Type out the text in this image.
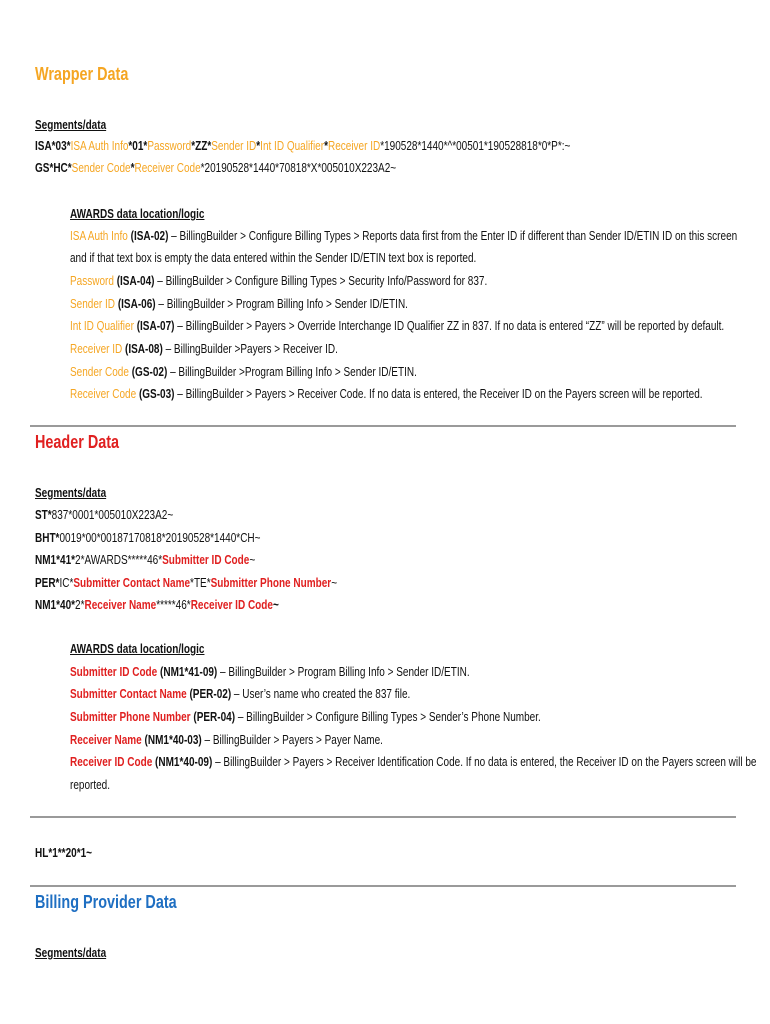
Wrapper Data
Segments/data
ISA*03*ISA Auth Info*01*Password*ZZ*Sender ID*Int ID Qualifier*Receiver ID*190528*1440*^*00501*190528818*0*P*:~
GS*HC*Sender Code*Receiver Code*20190528*1440*70818*X*005010X223A2~
AWARDS data location/logic
ISA Auth Info (ISA-02) – BillingBuilder > Configure Billing Types > Reports data first from the Enter ID if different than Sender ID/ETIN ID on this screen
and if that text box is empty the data entered within the Sender ID/ETIN text box is reported.
Password (ISA-04) – BillingBuilder > Configure Billing Types > Security Info/Password for 837.
Sender ID (ISA-06) – BillingBuilder > Program Billing Info > Sender ID/ETIN.
Int ID Qualifier (ISA-07) – BillingBuilder > Payers > Override Interchange ID Qualifier ZZ in 837. If no data is entered “ZZ” will be reported by default.
Receiver ID (ISA-08) – BillingBuilder >Payers > Receiver ID.
Sender Code (GS-02) – BillingBuilder >Program Billing Info > Sender ID/ETIN.
Receiver Code (GS-03) – BillingBuilder > Payers > Receiver Code. If no data is entered, the Receiver ID on the Payers screen will be reported.
Header Data
Segments/data
ST*837*0001*005010X223A2~
BHT*0019*00*00187170818*20190528*1440*CH~
NM1*41*2*AWARDS*****46*Submitter ID Code~
PER*IC*Submitter Contact Name*TE*Submitter Phone Number~
NM1*40*2*Receiver Name*****46*Receiver ID Code~
AWARDS data location/logic
Submitter ID Code (NM1*41-09) – BillingBuilder > Program Billing Info > Sender ID/ETIN.
Submitter Contact Name (PER-02) – User’s name who created the 837 file.
Submitter Phone Number (PER-04) – BillingBuilder > Configure Billing Types > Sender’s Phone Number.
Receiver Name (NM1*40-03) – BillingBuilder > Payers > Payer Name.
Receiver ID Code (NM1*40-09) – BillingBuilder > Payers > Receiver Identification Code. If no data is entered, the Receiver ID on the Payers screen will be
reported.
HL*1**20*1~
Billing Provider Data
Segments/data
